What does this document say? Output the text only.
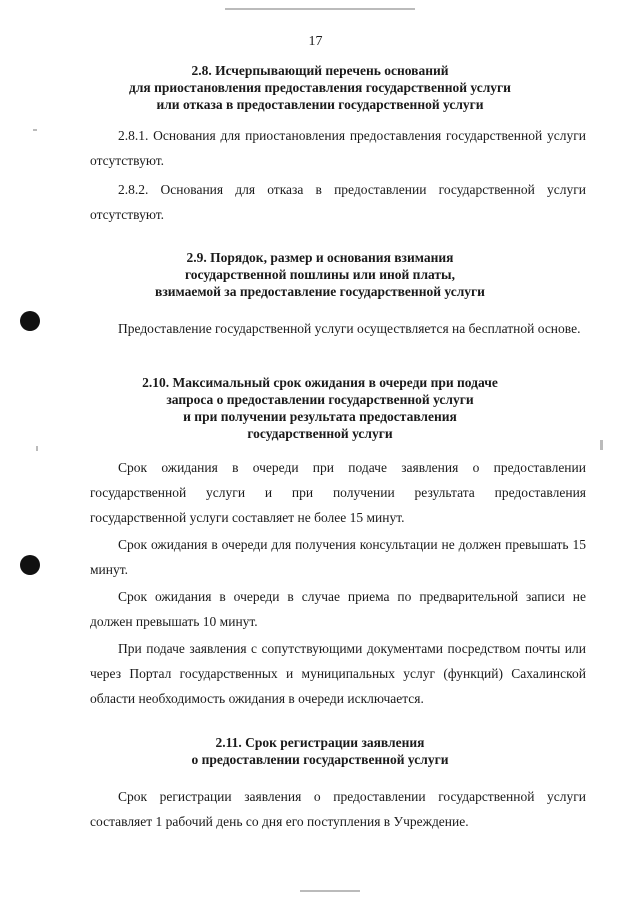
17
2.8. Исчерпывающий перечень оснований
для приостановления предоставления государственной услуги
или отказа в предоставлении государственной услуги
2.8.1. Основания для приостановления предоставления государственной услуги отсутствуют.
2.8.2. Основания для отказа в предоставлении государственной услуги отсутствуют.
2.9. Порядок, размер и основания взимания
государственной пошлины или иной платы,
взимаемой за предоставление государственной услуги
Предоставление государственной услуги осуществляется на бесплатной основе.
2.10. Максимальный срок ожидания в очереди при подаче
запроса о предоставлении государственной услуги
и при получении результата предоставления
государственной услуги
Срок ожидания в очереди при подаче заявления о предоставлении государственной услуги и при получении результата предоставления государственной услуги составляет не более 15 минут.
Срок ожидания в очереди для получения консультации не должен превышать 15 минут.
Срок ожидания в очереди в случае приема по предварительной записи не должен превышать 10 минут.
При подаче заявления с сопутствующими документами посредством почты или через Портал государственных и муниципальных услуг (функций) Сахалинской области необходимость ожидания в очереди исключается.
2.11. Срок регистрации заявления
о предоставлении государственной услуги
Срок регистрации заявления о предоставлении государственной услуги составляет 1 рабочий день со дня его поступления в Учреждение.
